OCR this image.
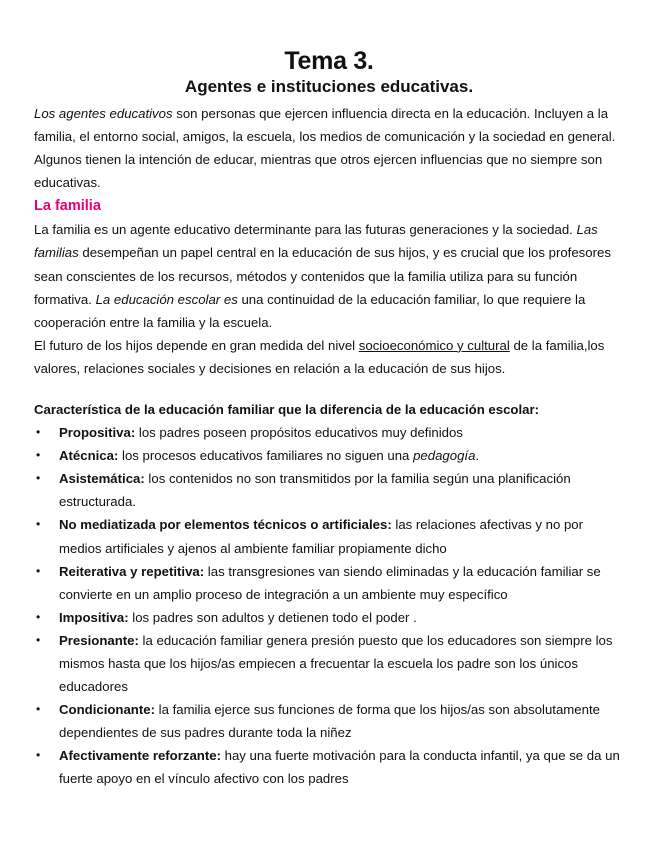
Tema 3.
Agentes e instituciones educativas.

Los agentes educativos son personas que ejercen influencia directa en la educación. Incluyen a la familia, el entorno social, amigos, la escuela, los medios de comunicación y la sociedad en general. Algunos tienen la intención de educar, mientras que otros ejercen influencias que no siempre son educativas.

La familia

La familia es un agente educativo determinante para las futuras generaciones y la sociedad. Las familias desempeñan un papel central en la educación de sus hijos, y es crucial que los profesores sean conscientes de los recursos, métodos y contenidos que la familia utiliza para su función formativa. La educación escolar es una continuidad de la educación familiar, lo que requiere la cooperación entre la familia y la escuela.

El futuro de los hijos depende en gran medida del nivel socioeconómico y cultural de la familia,los valores, relaciones sociales y decisiones en relación a la educación de sus hijos.

Característica de la educación familiar que la diferencia de la educación escolar:

• Propositiva: los padres poseen propósitos educativos muy definidos
• Atécnica: los procesos educativos familiares no siguen una pedagogía.
• Asistemática: los contenidos no son transmitidos por la familia según una planificación estructurada.
• No mediatizada por elementos técnicos o artificiales: las relaciones afectivas y no por medios artificiales y ajenos al ambiente familiar propiamente dicho
• Reiterativa y repetitiva: las transgresiones van siendo eliminadas y la educación familiar se convierte en un amplio proceso de integración a un ambiente muy específico
• Impositiva: los padres son adultos y detienen todo el poder .
• Presionante: la educación familiar genera presión puesto que los educadores son siempre los mismos hasta que los hijos/as empiecen a frecuentar la escuela los padre son los únicos educadores
• Condicionante: la familia ejerce sus funciones de forma que los hijos/as son absolutamente dependientes de sus padres durante toda la niñez
• Afectivamente reforzante: hay una fuerte motivación para la conducta infantil, ya que se da un fuerte apoyo en el vínculo afectivo con los padres
